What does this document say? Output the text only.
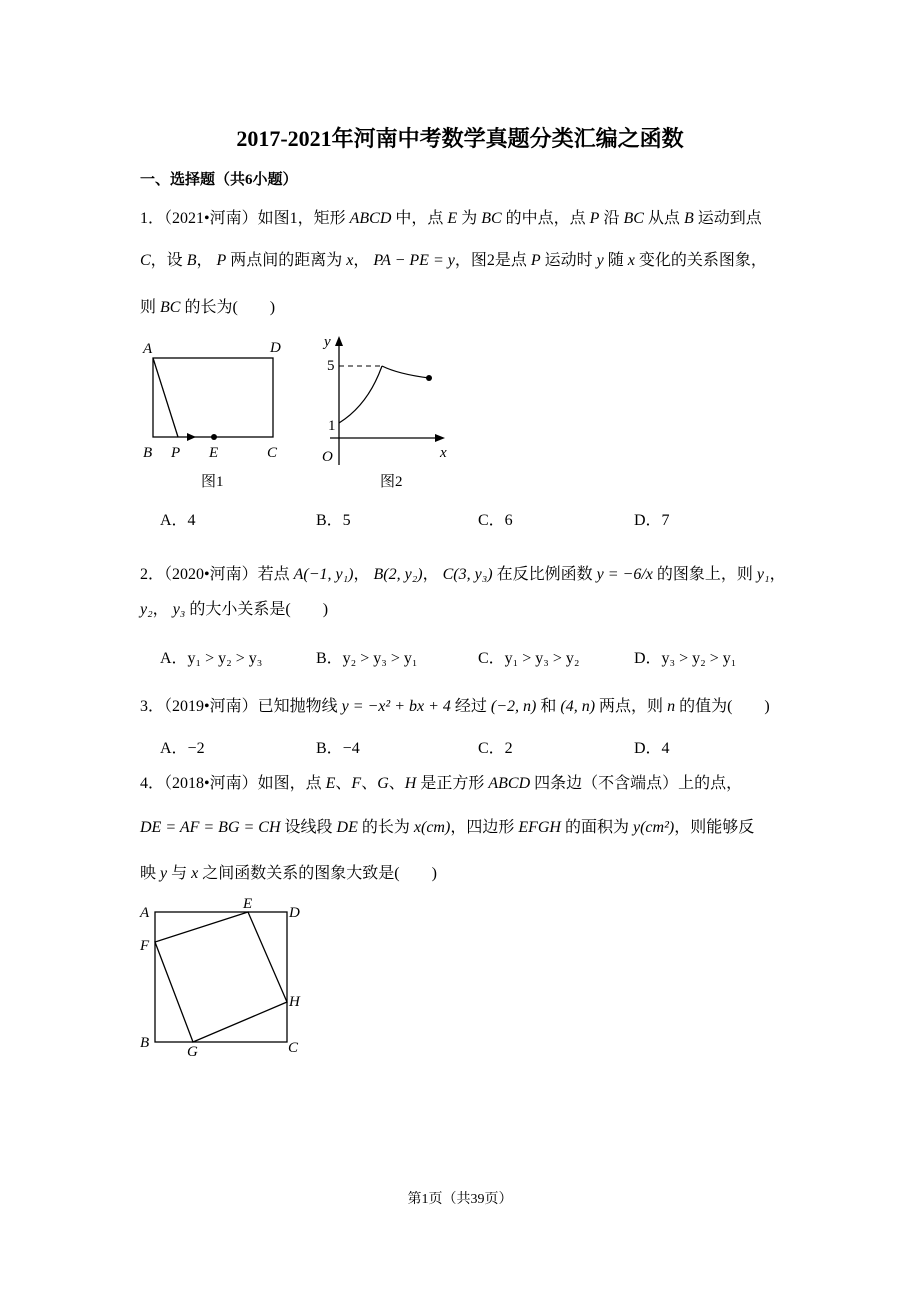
2017-2021年河南中考数学真题分类汇编之函数
一、选择题（共6小题）
1．（2021•河南）如图1，矩形 ABCD 中，点 E 为 BC 的中点，点 P 沿 BC 从点 B 运动到点
C，设 B， P 两点间的距离为 x， PA − PE = y，图2是点 P 运动时 y 随 x 变化的关系图象，
则 BC 的长为(　　)
A．4	B．5	C．6	D．7
2．（2020•河南）若点 A(−1, y₁)， B(2, y₂)， C(3, y₃) 在反比例函数 y = −6/x 的图象上，则 y₁，
y₂， y₃ 的大小关系是(　　)
A．y₁ > y₂ > y₃	B．y₂ > y₃ > y₁	C．y₁ > y₃ > y₂	D．y₃ > y₂ > y₁
3．（2019•河南）已知抛物线 y = −x² + bx + 4 经过 (−2, n) 和 (4, n) 两点，则 n 的值为(　　)
A．−2	B．−4	C．2	D．4
4．（2018•河南）如图，点 E、F、G、H 是正方形 ABCD 四条边（不含端点）上的点，
DE = AF = BG = CH 设线段 DE 的长为 x(cm)，四边形 EFGH 的面积为 y(cm²)，则能够反
映 y 与 x 之间函数关系的图象大致是(　　)
A	D
B P E	C
图1
y
x
O
1
5
图2
A	D
B	C
E
F
G
H
第1页（共39页）
